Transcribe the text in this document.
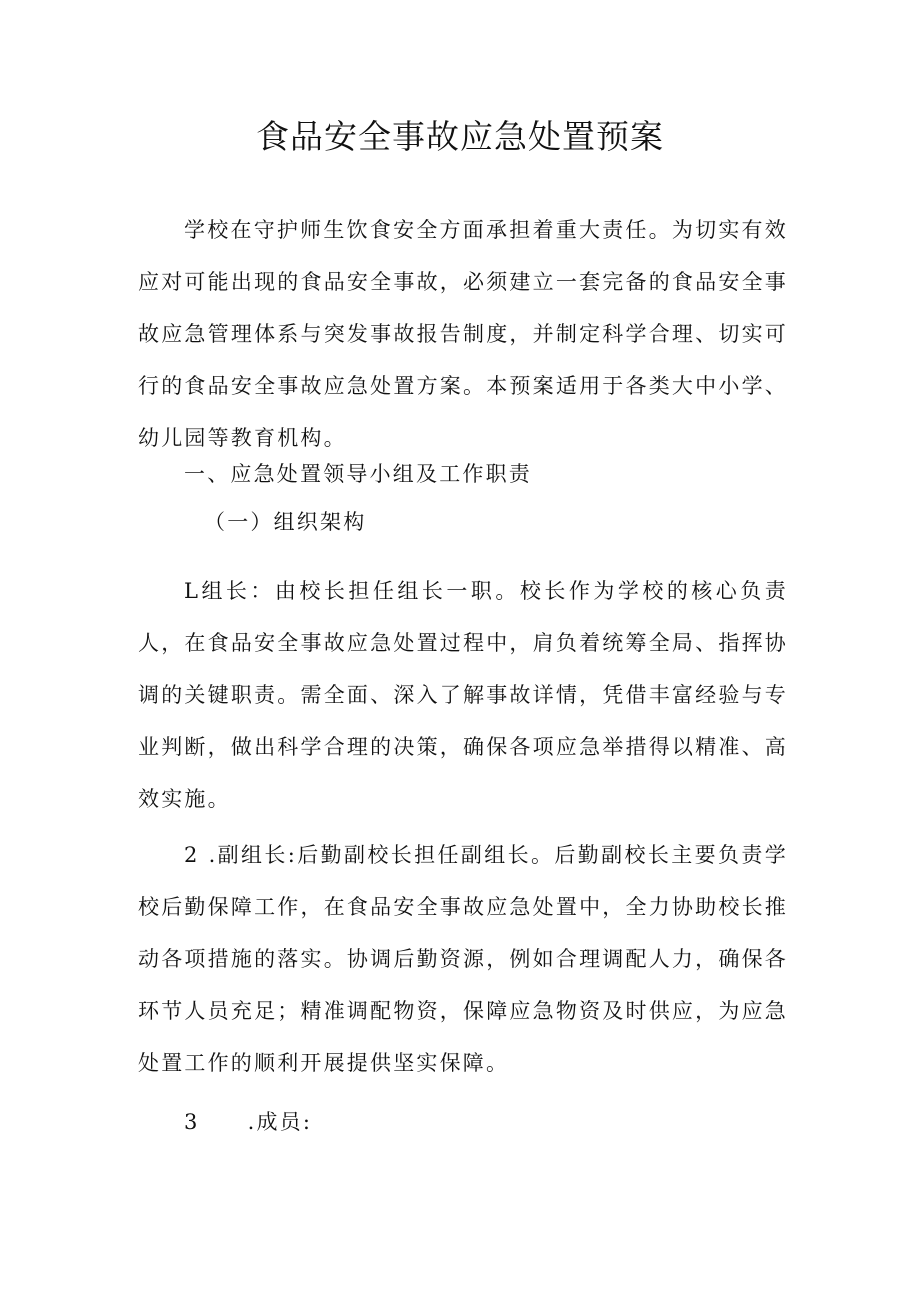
食品安全事故应急处置预案

学校在守护师生饮食安全方面承担着重大责任。为切实有效应对可能出现的食品安全事故，必须建立一套完备的食品安全事故应急管理体系与突发事故报告制度，并制定科学合理、切实可行的食品安全事故应急处置方案。本预案适用于各类大中小学、幼儿园等教育机构。

一、应急处置领导小组及工作职责

（一）组织架构

L组长：由校长担任组长一职。校长作为学校的核心负责人，在食品安全事故应急处置过程中，肩负着统筹全局、指挥协调的关键职责。需全面、深入了解事故详情，凭借丰富经验与专业判断，做出科学合理的决策，确保各项应急举措得以精准、高效实施。

2 .副组长:后勤副校长担任副组长。后勤副校长主要负责学校后勤保障工作，在食品安全事故应急处置中，全力协助校长推动各项措施的落实。协调后勤资源，例如合理调配人力，确保各环节人员充足；精准调配物资，保障应急物资及时供应，为应急处置工作的顺利开展提供坚实保障。

3 .成员:
